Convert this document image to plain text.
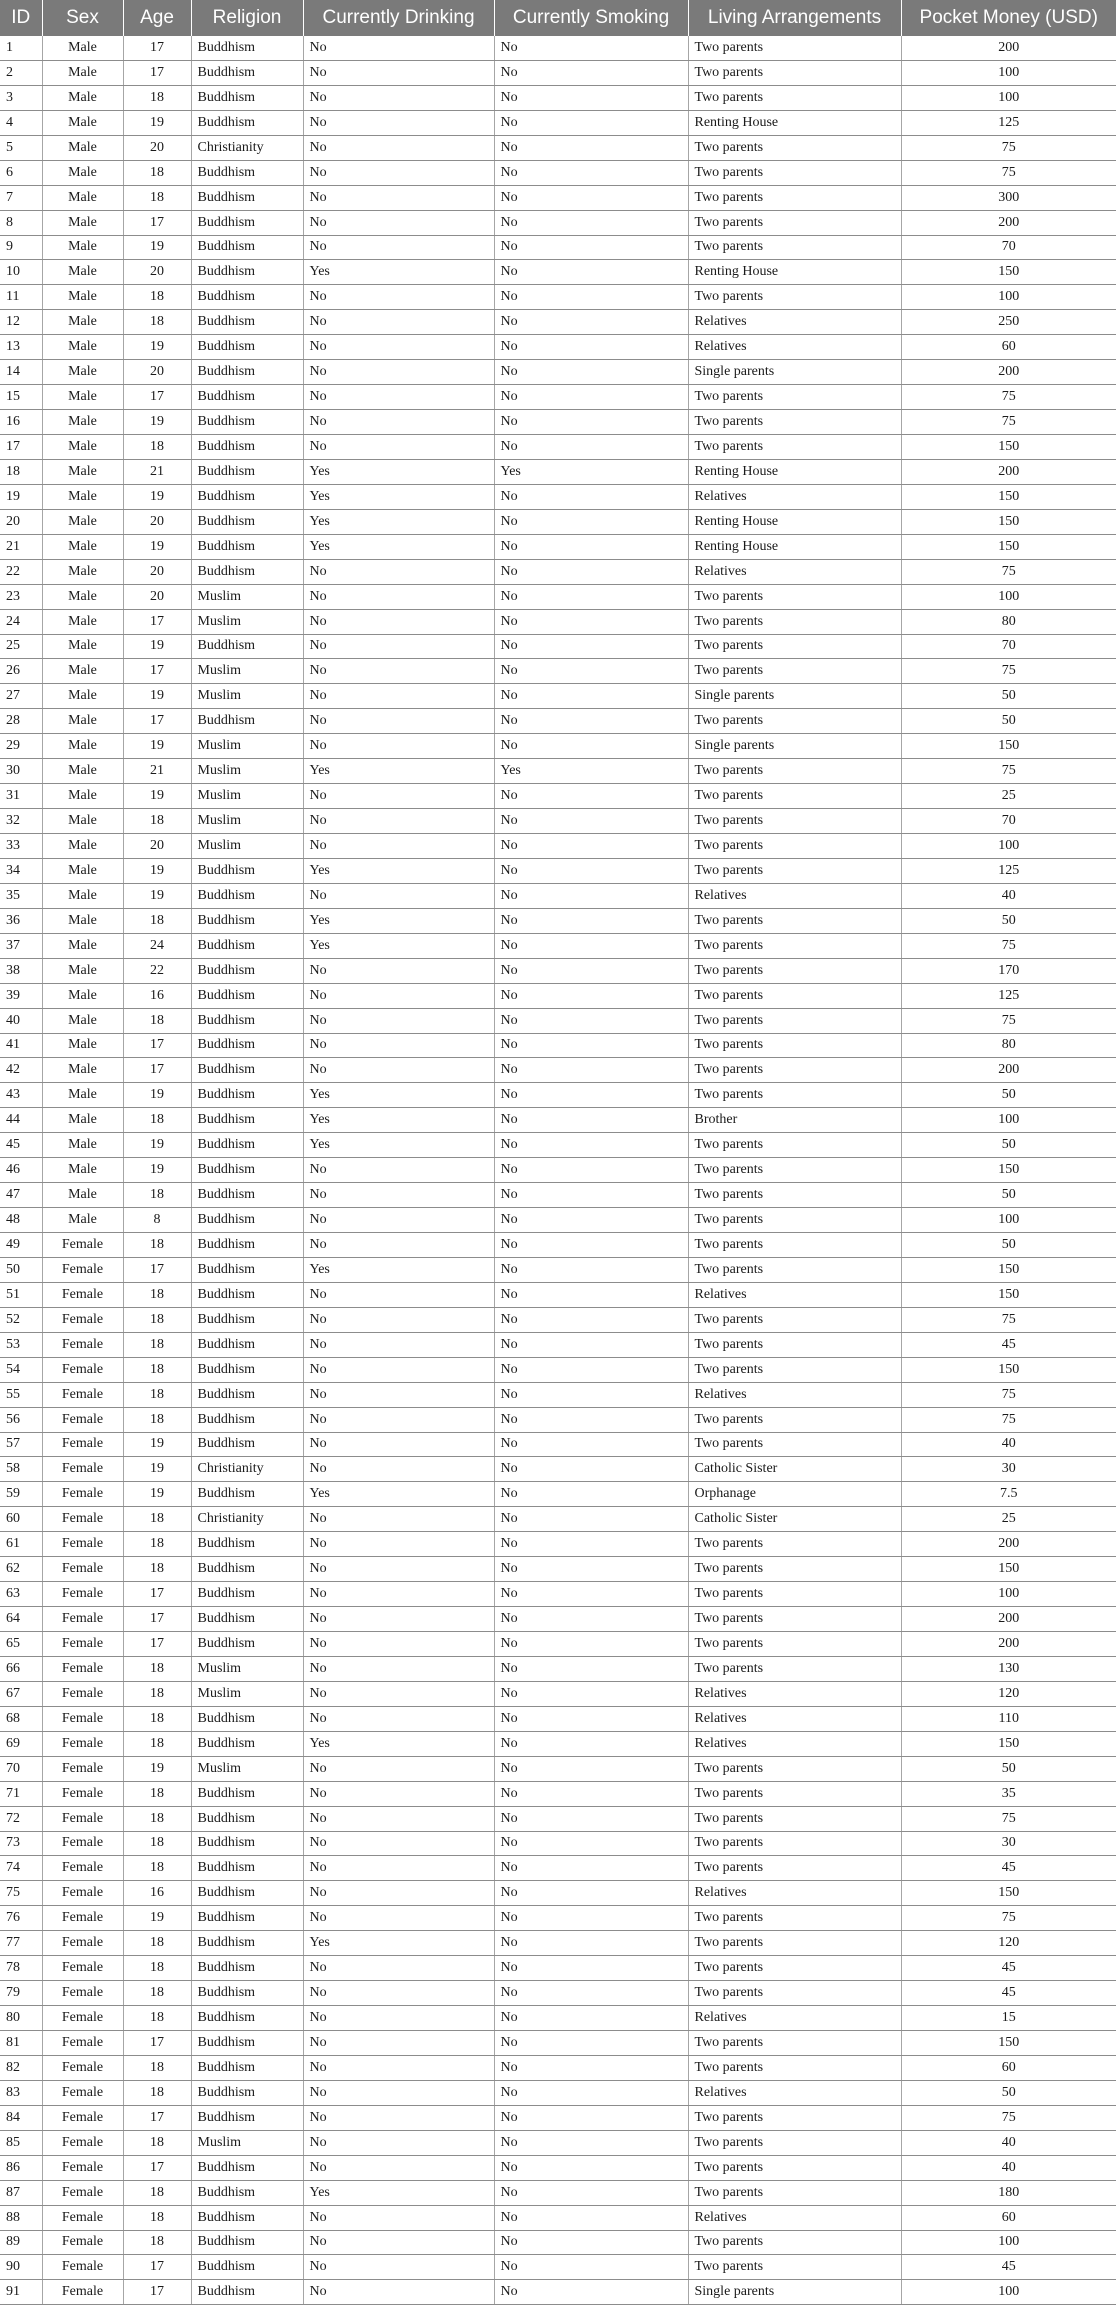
ID	Sex	Age	Religion	Currently Drinking	Currently Smoking	Living Arrangements	Pocket Money (USD)
1	Male	17	Buddhism	No	No	Two parents	200
2	Male	17	Buddhism	No	No	Two parents	100
3	Male	18	Buddhism	No	No	Two parents	100
4	Male	19	Buddhism	No	No	Renting House	125
5	Male	20	Christianity	No	No	Two parents	75
6	Male	18	Buddhism	No	No	Two parents	75
7	Male	18	Buddhism	No	No	Two parents	300
8	Male	17	Buddhism	No	No	Two parents	200
9	Male	19	Buddhism	No	No	Two parents	70
10	Male	20	Buddhism	Yes	No	Renting House	150
11	Male	18	Buddhism	No	No	Two parents	100
12	Male	18	Buddhism	No	No	Relatives	250
13	Male	19	Buddhism	No	No	Relatives	60
14	Male	20	Buddhism	No	No	Single parents	200
15	Male	17	Buddhism	No	No	Two parents	75
16	Male	19	Buddhism	No	No	Two parents	75
17	Male	18	Buddhism	No	No	Two parents	150
18	Male	21	Buddhism	Yes	Yes	Renting House	200
19	Male	19	Buddhism	Yes	No	Relatives	150
20	Male	20	Buddhism	Yes	No	Renting House	150
21	Male	19	Buddhism	Yes	No	Renting House	150
22	Male	20	Buddhism	No	No	Relatives	75
23	Male	20	Muslim	No	No	Two parents	100
24	Male	17	Muslim	No	No	Two parents	80
25	Male	19	Buddhism	No	No	Two parents	70
26	Male	17	Muslim	No	No	Two parents	75
27	Male	19	Muslim	No	No	Single parents	50
28	Male	17	Buddhism	No	No	Two parents	50
29	Male	19	Muslim	No	No	Single parents	150
30	Male	21	Muslim	Yes	Yes	Two parents	75
31	Male	19	Muslim	No	No	Two parents	25
32	Male	18	Muslim	No	No	Two parents	70
33	Male	20	Muslim	No	No	Two parents	100
34	Male	19	Buddhism	Yes	No	Two parents	125
35	Male	19	Buddhism	No	No	Relatives	40
36	Male	18	Buddhism	Yes	No	Two parents	50
37	Male	24	Buddhism	Yes	No	Two parents	75
38	Male	22	Buddhism	No	No	Two parents	170
39	Male	16	Buddhism	No	No	Two parents	125
40	Male	18	Buddhism	No	No	Two parents	75
41	Male	17	Buddhism	No	No	Two parents	80
42	Male	17	Buddhism	No	No	Two parents	200
43	Male	19	Buddhism	Yes	No	Two parents	50
44	Male	18	Buddhism	Yes	No	Brother	100
45	Male	19	Buddhism	Yes	No	Two parents	50
46	Male	19	Buddhism	No	No	Two parents	150
47	Male	18	Buddhism	No	No	Two parents	50
48	Male	8	Buddhism	No	No	Two parents	100
49	Female	18	Buddhism	No	No	Two parents	50
50	Female	17	Buddhism	Yes	No	Two parents	150
51	Female	18	Buddhism	No	No	Relatives	150
52	Female	18	Buddhism	No	No	Two parents	75
53	Female	18	Buddhism	No	No	Two parents	45
54	Female	18	Buddhism	No	No	Two parents	150
55	Female	18	Buddhism	No	No	Relatives	75
56	Female	18	Buddhism	No	No	Two parents	75
57	Female	19	Buddhism	No	No	Two parents	40
58	Female	19	Christianity	No	No	Catholic Sister	30
59	Female	19	Buddhism	Yes	No	Orphanage	7.5
60	Female	18	Christianity	No	No	Catholic Sister	25
61	Female	18	Buddhism	No	No	Two parents	200
62	Female	18	Buddhism	No	No	Two parents	150
63	Female	17	Buddhism	No	No	Two parents	100
64	Female	17	Buddhism	No	No	Two parents	200
65	Female	17	Buddhism	No	No	Two parents	200
66	Female	18	Muslim	No	No	Two parents	130
67	Female	18	Muslim	No	No	Relatives	120
68	Female	18	Buddhism	No	No	Relatives	110
69	Female	18	Buddhism	Yes	No	Relatives	150
70	Female	19	Muslim	No	No	Two parents	50
71	Female	18	Buddhism	No	No	Two parents	35
72	Female	18	Buddhism	No	No	Two parents	75
73	Female	18	Buddhism	No	No	Two parents	30
74	Female	18	Buddhism	No	No	Two parents	45
75	Female	16	Buddhism	No	No	Relatives	150
76	Female	19	Buddhism	No	No	Two parents	75
77	Female	18	Buddhism	Yes	No	Two parents	120
78	Female	18	Buddhism	No	No	Two parents	45
79	Female	18	Buddhism	No	No	Two parents	45
80	Female	18	Buddhism	No	No	Relatives	15
81	Female	17	Buddhism	No	No	Two parents	150
82	Female	18	Buddhism	No	No	Two parents	60
83	Female	18	Buddhism	No	No	Relatives	50
84	Female	17	Buddhism	No	No	Two parents	75
85	Female	18	Muslim	No	No	Two parents	40
86	Female	17	Buddhism	No	No	Two parents	40
87	Female	18	Buddhism	Yes	No	Two parents	180
88	Female	18	Buddhism	No	No	Relatives	60
89	Female	18	Buddhism	No	No	Two parents	100
90	Female	17	Buddhism	No	No	Two parents	45
91	Female	17	Buddhism	No	No	Single parents	100
